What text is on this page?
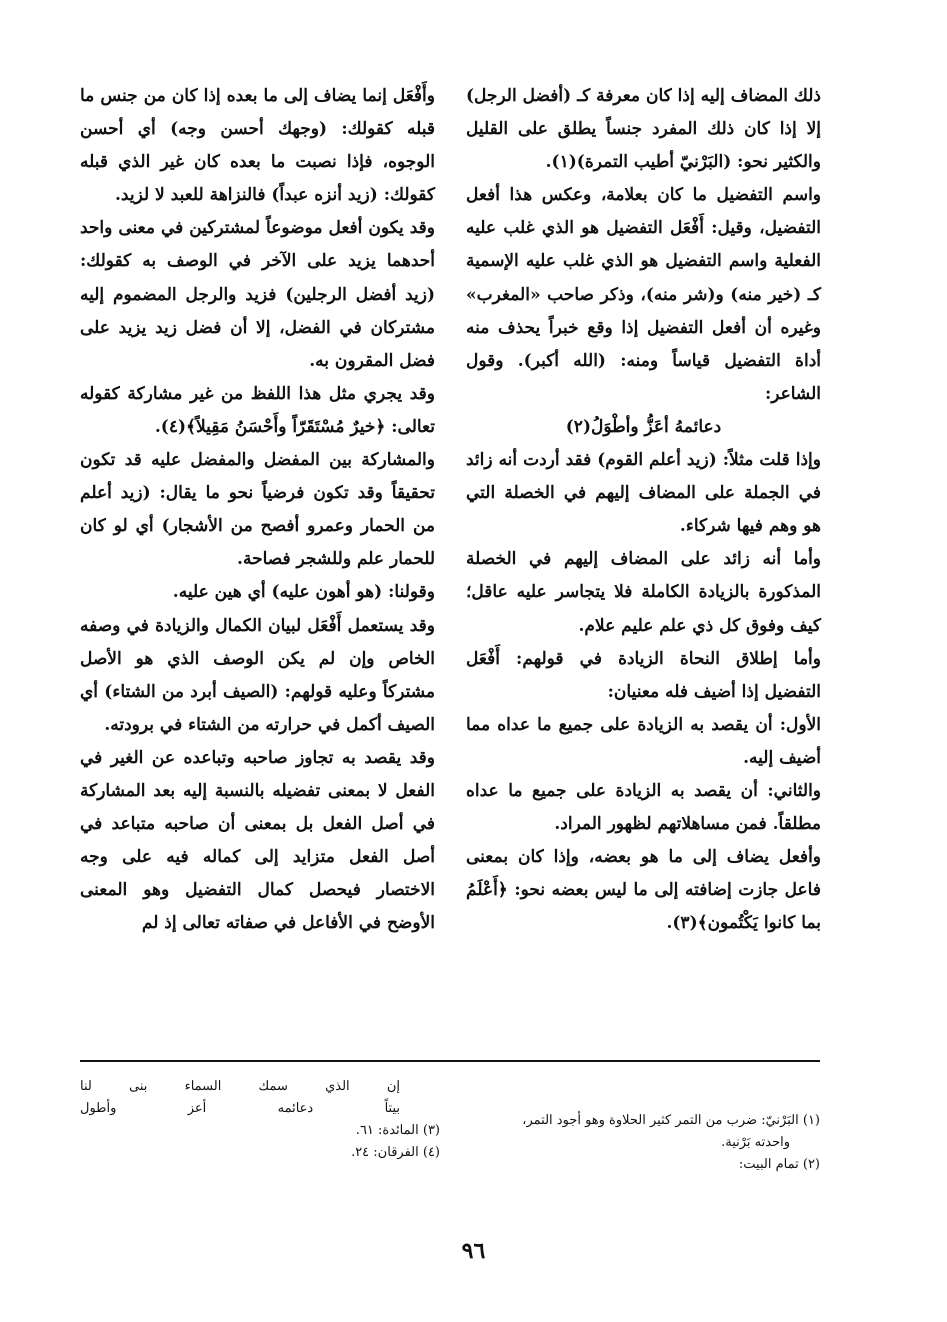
ذلك المضاف إليه إذا كان معرفة كـ (أفضل الرجل) إلا إذا كان ذلك المفرد جنساً يطلق على القليل والكثير نحو: (البَرْنيّ أطيب التمرة)(١).

واسم التفضيل ما كان بعلامة، وعكس هذا أفعل التفضيل، وقيل: أَفْعَل التفضيل هو الذي غلب عليه الفعلية واسم التفضيل هو الذي غلب عليه الإسمية كـ (خير منه) و(شر منه)، وذكر صاحب «المغرب» وغيره أن أفعل التفضيل إذا وقع خبراً يحذف منه أداة التفضيل قياساً ومنه: (الله أكبر). وقول الشاعر:

دعائمهُ أعَزُّ وأطْوَلُ(٢)

وإذا قلت مثلاً: (زيد أعلم القوم) فقد أردت أنه زائد في الجملة على المضاف إليهم في الخصلة التي هو وهم فيها شركاء.

وأما أنه زائد على المضاف إليهم في الخصلة المذكورة بالزيادة الكاملة فلا يتجاسر عليه عاقل؛ كيف وفوق كل ذي علم عليم علام.

وأما إطلاق النحاة الزيادة في قولهم: أَفْعَل التفضيل إذا أضيف فله معنيان:

الأول: أن يقصد به الزيادة على جميع ما عداه مما أضيف إليه.

والثاني: أن يقصد به الزيادة على جميع ما عداه مطلقاً. فمن مساهلاتهم لظهور المراد.

وأفعل يضاف إلى ما هو بعضه، وإذا كان بمعنى فاعل جازت إضافته إلى ما ليس بعضه نحو: ﴿أَعْلَمُ بما كانوا يَكْتُمون﴾(٣).

وأَفْعَل إنما يضاف إلى ما بعده إذا كان من جنس ما قبله كقولك: (وجهك أحسن وجه) أي أحسن الوجوه، فإذا نصبت ما بعده كان غير الذي قبله كقولك: (زيد أنزه عبداً) فالنزاهة للعبد لا لزيد.

وقد يكون أفعل موضوعاً لمشتركين في معنى واحد أحدهما يزيد على الآخر في الوصف به كقولك: (زيد أفضل الرجلين) فزيد والرجل المضموم إليه مشتركان في الفضل، إلا أن فضل زيد يزيد على فضل المقرون به.

وقد يجري مثل هذا اللفظ من غير مشاركة كقوله تعالى: ﴿خيرٌ مُسْتَقَرّاً وأَحْسَنُ مَقِيلاً﴾(٤).

والمشاركة بين المفضل والمفضل عليه قد تكون تحقيقاً وقد تكون فرضياً نحو ما يقال: (زيد أعلم من الحمار وعمرو أفصح من الأشجار) أي لو كان للحمار علم وللشجر فصاحة.

وقولنا: (هو أهون عليه) أي هين عليه.

وقد يستعمل أَفْعَل لبيان الكمال والزيادة في وصفه الخاص وإن لم يكن الوصف الذي هو الأصل مشتركاً وعليه قولهم: (الصيف أبرد من الشتاء) أي الصيف أكمل في حرارته من الشتاء في برودته.

وقد يقصد به تجاوز صاحبه وتباعده عن الغير في الفعل لا بمعنى تفضيله بالنسبة إليه بعد المشاركة في أصل الفعل بل بمعنى أن صاحبه متباعد في أصل الفعل متزايد إلى كماله فيه على وجه الاختصار فيحصل كمال التفضيل وهو المعنى الأوضح في الأفاعل في صفاته تعالى إذ لم

(١) البَرْنيّ: ضرب من التمر كثير الحلاوة وهو أجود التمر،
واحدته بَرْنية.
(٢) تمام البيت:
إن
الذي
سمك
السماء
بنى
لنا
بيتاً
دعائمه
أعز
وأطول
(٣) المائدة: ٦١.
(٤) الفرقان: ٢٤.
٩٦
